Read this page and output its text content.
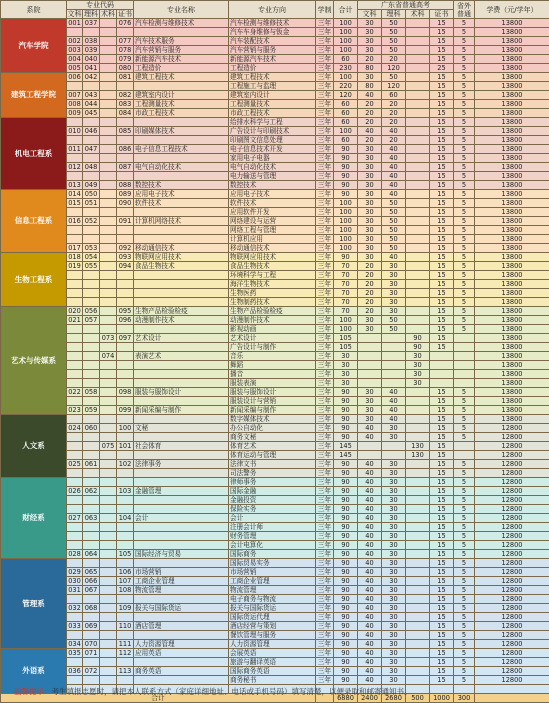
系院	专业代码				专业名称	专业方向	学制	合计	广东省普通高考				省外普通	学费（元/学年）
	文科	理科	术科	证书					文科	理科	术科	证书		
汽车学院	001	037		076	汽车检测与维修技术	汽车检测与维修技术	三年	100	30	50		15	5	13800
						汽车车身维修与钣金	三年	100	30	50		15	5	13800
	002	038		077	汽车技术服务	汽车装配技术	三年	100	30	50		15	5	13800
	003	039		078	汽车营销与服务	汽车营销与服务	三年	100	30	50		15	5	13800
	004	040		079	新能源汽车技术	新能源汽车技术	三年	60	20	20		15	5	13800
	005	041		080	工程造价	工程造价	三年	230	80	120		25	5	13800
建筑工程学院	006	042		081	建筑工程技术	建筑工程技术	三年	100	30	50		15	5	13800
						工程施工与监理	三年	220	80	120		15	5	13800
	007	043		082	建筑室内设计	建筑室内设计	三年	120	40	60		15	5	13800
	008	044		083	工程测量技术	工程测量技术	三年	60	20	20		15	5	13800
	009	045		084	市政工程技术	市政工程技术	三年	60	20	20		15	5	13800
机电工程系						给排水科学与工程	三年	60	20	20		15	5	13800
	010	046		085	印刷媒体技术	广告设计与印刷技术	三年	100	40	40		15	5	13800
						印刷图文信息处理	三年	60	20	20		15	5	13800
	011	047		086	电子信息工程技术	电子信息技术开发	三年	90	30	40		15	5	13800
						家用电子电器	三年	90	30	40		15	5	13800
	012	048		087	电气自动化技术	电气自动化技术	三年	90	30	40		15	5	13800
						电力输送与管理	三年	90	30	40		15	5	13800
	013	049		088	数控技术	数控技术	三年	90	30	40		15	5	13800
信息工程系	014	050		089	应用电子技术	应用电子技术	三年	90	30	40		15	5	13800
	015	051		090	软件技术	软件技术	三年	100	30	50		15	5	13800
						应用软件开发	三年	100	30	50		15	5	13800
	016	052		091	计算机网络技术	网络建设与运营	三年	100	30	50		15	5	13800
						网络工程与管理	三年	100	30	50		15	5	13800
						计算机应用	三年	100	30	50		15	5	13800
	017	053		092	移动通信技术	移动通信技术	三年	100	30	50		15	5	13800
生物工程系	018	054		093	物联网应用技术	物联网应用技术	三年	90	30	40		15	5	13800
	019	055		094	食品生物技术	食品生物技术	三年	70	20	30		15	5	13800
						环境科学与工程	三年	70	20	30		15	5	13800
						海洋生物技术	三年	70	20	30		15	5	13800
						生物医药	三年	70	20	30		15	5	13800
						生物制药技术	三年	70	20	30		15	5	13800
艺术与传媒系	020	056		095	生物产品检验检疫	生物产品检验检疫	三年	70	20	30		15	5	13800
	021	057		096	动漫制作技术	动漫制作技术	三年	100	30	50		15	5	13800
						影视动画	三年	100	30	50		15	5	13800
			073	097	艺术设计	艺术设计	三年	105			90	15		13800
						广告设计与制作	三年	105			90	15		13800
			074		表演艺术	音乐	三年	30			30			13800
						舞蹈	三年	30			30			13800
						播音	三年	30			30			13800
						服装表演	三年	30			30			13800
	022	058		098	服装与服饰设计	服装与服饰设计	三年	90	30	40		15	5	13800
						服装设计与营销	三年	90	30	40		15	5	13800
	023	059		099	新闻采编与制作	新闻采编与制作	三年	90	30	40		15	5	13800
人文系						数字媒体技术	三年	90	30	40		15	5	13800
	024	060		100	文秘	办公自动化	三年	90	40	30		15	5	12800
						商务文秘	三年	90	40	30		15	5	12800
			075	101	社会体育	体育艺术	三年	145			130	15		12800
						体育运动与管理	三年	145			130	15		12800
	025	061		102	法律事务	法律文书	三年	90	40	30		15	5	12800
						司法警务	三年	90	40	30		15	5	12800
财经系						律师事务	三年	90	40	30		15	5	12800
	026	062		103	金融管理	国际金融	三年	90	40	30		15	5	12800
						金融投资	三年	90	40	30		15	5	12800
						保险实务	三年	90	40	30		15	5	12800
	027	063		104	会计	会计	三年	90	40	30		15	5	12800
						注册会计师	三年	90	40	30		15	5	12800
						财务管理	三年	90	40	30		15	5	12800
						会计电算化	三年	90	40	30		15	5	12800
	028	064		105	国际经济与贸易	国际商务	三年	90	40	30		15	5	12800
管理系						国际贸易实务	三年	90	40	30		15	5	12800
	029	065		106	市场营销	市场营销	三年	90	40	30		15	5	12800
	030	066		107	工商企业管理	工商企业管理	三年	90	40	30		15	5	12800
	031	067		108	物流管理	物流管理	三年	90	40	30		15	5	12800
						电子商务与物流	三年	90	40	30		15	5	12800
	032	068		109	报关与国际货运	报关与国际货运	三年	90	40	30		15	5	12800
						国际货运代理	三年	90	40	30		15	5	12800
	033	069		110	酒店管理	酒店经营与策划	三年	90	40	30		15	5	12800
						餐饮管理与服务	三年	90	40	30		15	5	12800
	034	070		111	人力资源管理	人力资源管理	三年	90	40	30		15	5	12800
外语系	035	071		112	应用英语	会展英语	三年	90	40	30		15	5	12800
						旅游与翻译英语	三年	90	40	30		15	5	12800
	036	072		113	商务英语	国际商务英语	三年	90	40	30		15	5	12800
						商务秘书	三年	90	40	30		15	5	12800

合计								6880	2400	2680	500	1000	300	
温馨提示：考生填报志愿时，请把本人联系方式（家庭详细地址、电话或手机号码）填写清楚，以便录取和邮寄通知书。
